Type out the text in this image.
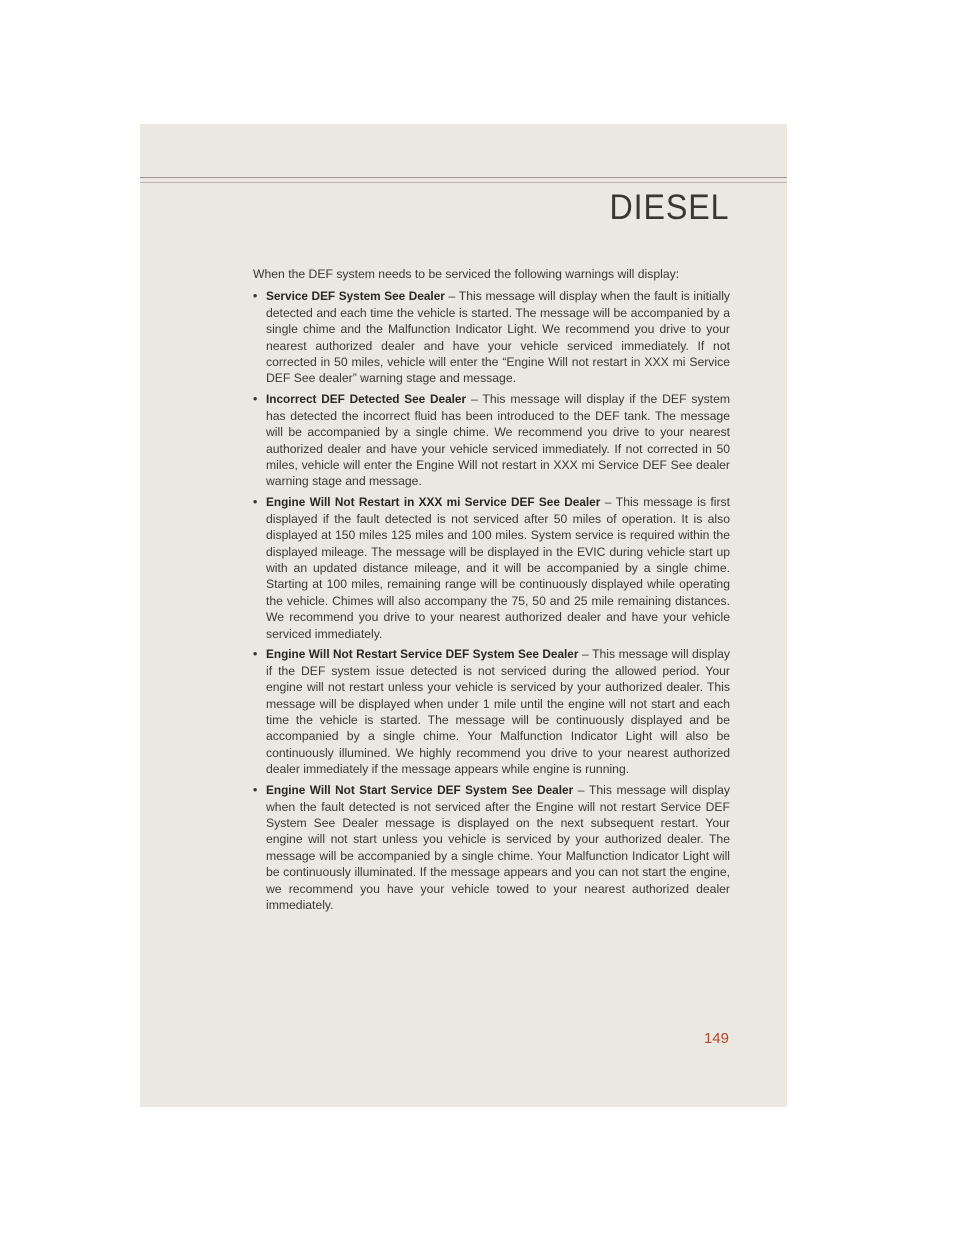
DIESEL

When the DEF system needs to be serviced the following warnings will display:

• Service DEF System See Dealer – This message will display when the fault is initially detected and each time the vehicle is started. The message will be accompanied by a single chime and the Malfunction Indicator Light. We recommend you drive to your nearest authorized dealer and have your vehicle serviced immediately. If not corrected in 50 miles, vehicle will enter the “Engine Will not restart in XXX mi Service DEF See dealer” warning stage and message.
• Incorrect DEF Detected See Dealer – This message will display if the DEF system has detected the incorrect fluid has been introduced to the DEF tank. The message will be accompanied by a single chime. We recommend you drive to your nearest authorized dealer and have your vehicle serviced immediately. If not corrected in 50 miles, vehicle will enter the Engine Will not restart in XXX mi Service DEF See dealer warning stage and message.
• Engine Will Not Restart in XXX mi Service DEF See Dealer – This message is first displayed if the fault detected is not serviced after 50 miles of operation. It is also displayed at 150 miles 125 miles and 100 miles. System service is required within the displayed mileage. The message will be displayed in the EVIC during vehicle start up with an updated distance mileage, and it will be accompanied by a single chime. Starting at 100 miles, remaining range will be continuously displayed while operating the vehicle. Chimes will also accompany the 75, 50 and 25 mile remaining distances. We recommend you drive to your nearest authorized dealer and have your vehicle serviced immediately.
• Engine Will Not Restart Service DEF System See Dealer – This message will display if the DEF system issue detected is not serviced during the allowed period. Your engine will not restart unless your vehicle is serviced by your authorized dealer. This message will be displayed when under 1 mile until the engine will not start and each time the vehicle is started. The message will be continuously displayed and be accompanied by a single chime. Your Malfunction Indicator Light will also be continuously illumined. We highly recommend you drive to your nearest authorized dealer immediately if the message appears while engine is running.
• Engine Will Not Start Service DEF System See Dealer – This message will display when the fault detected is not serviced after the Engine will not restart Service DEF System See Dealer message is displayed on the next subsequent restart. Your engine will not start unless you vehicle is serviced by your authorized dealer. The message will be accompanied by a single chime. Your Malfunction Indicator Light will be continuously illuminated. If the message appears and you can not start the engine, we recommend you have your vehicle towed to your nearest authorized dealer immediately.
149
